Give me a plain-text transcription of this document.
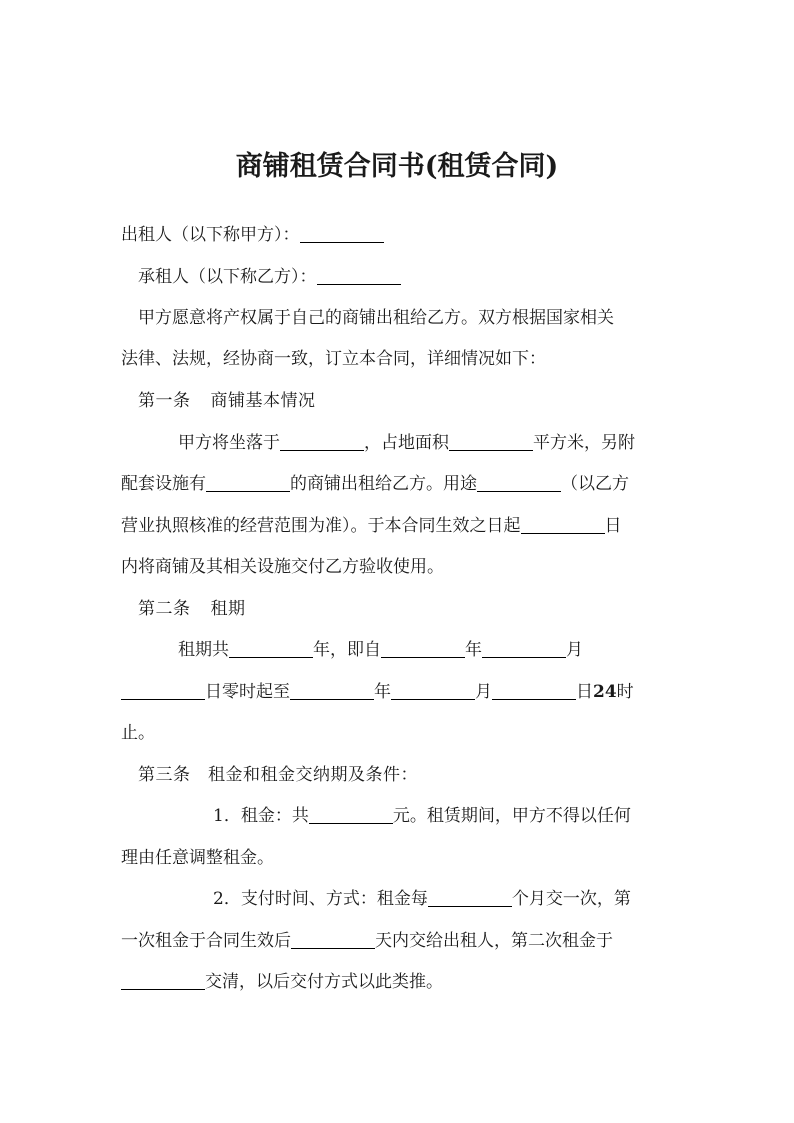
商铺租赁合同书(租赁合同)
出租人（以下称甲方）：
承租人（以下称乙方）：
甲方愿意将产权属于自己的商铺出租给乙方。双方根据国家相关
法律、法规，经协商一致，订立本合同，详细情况如下：
第一条 商铺基本情况
甲方将坐落于	，占地面积	平方米，另附
配套设施有	的商铺出租给乙方。用途	（以乙方
营业执照核准的经营范围为准）。于本合同生效之日起	日
内将商铺及其相关设施交付乙方验收使用。
第二条 租期
租期共	年，即自	年	月
日零时起至	年	月	日24时
止。
第三条　租金和租金交纳期及条件：
1．租金：共	元。租赁期间，甲方不得以任何
理由任意调整租金。
2．支付时间、方式：租金每	个月交一次，第
一次租金于合同生效后	天内交给出租人，第二次租金于
交清，以后交付方式以此类推。
